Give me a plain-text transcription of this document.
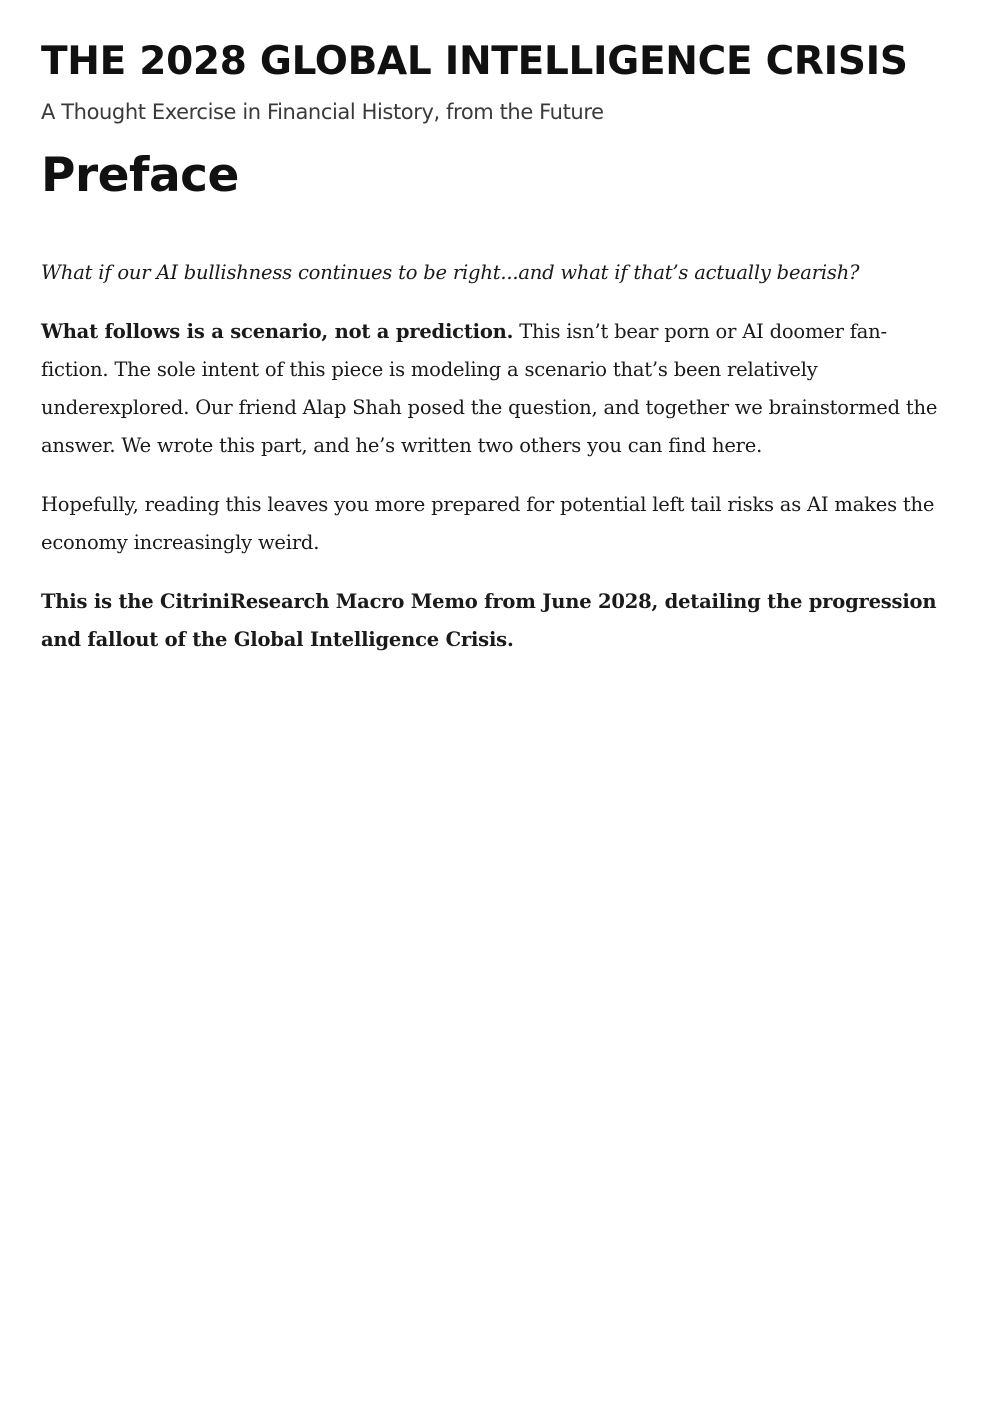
THE 2028 GLOBAL INTELLIGENCE CRISIS
A Thought Exercise in Financial History, from the Future
Preface

What if our AI bullishness continues to be right...and what if that’s actually bearish?

What follows is a scenario, not a prediction. This isn’t bear porn or AI doomer fan-fiction. The sole intent of this piece is modeling a scenario that’s been relatively underexplored. Our friend Alap Shah posed the question, and together we brainstormed the answer. We wrote this part, and he’s written two others you can find here.

Hopefully, reading this leaves you more prepared for potential left tail risks as AI makes the economy increasingly weird.

This is the CitriniResearch Macro Memo from June 2028, detailing the progression and fallout of the Global Intelligence Crisis.
